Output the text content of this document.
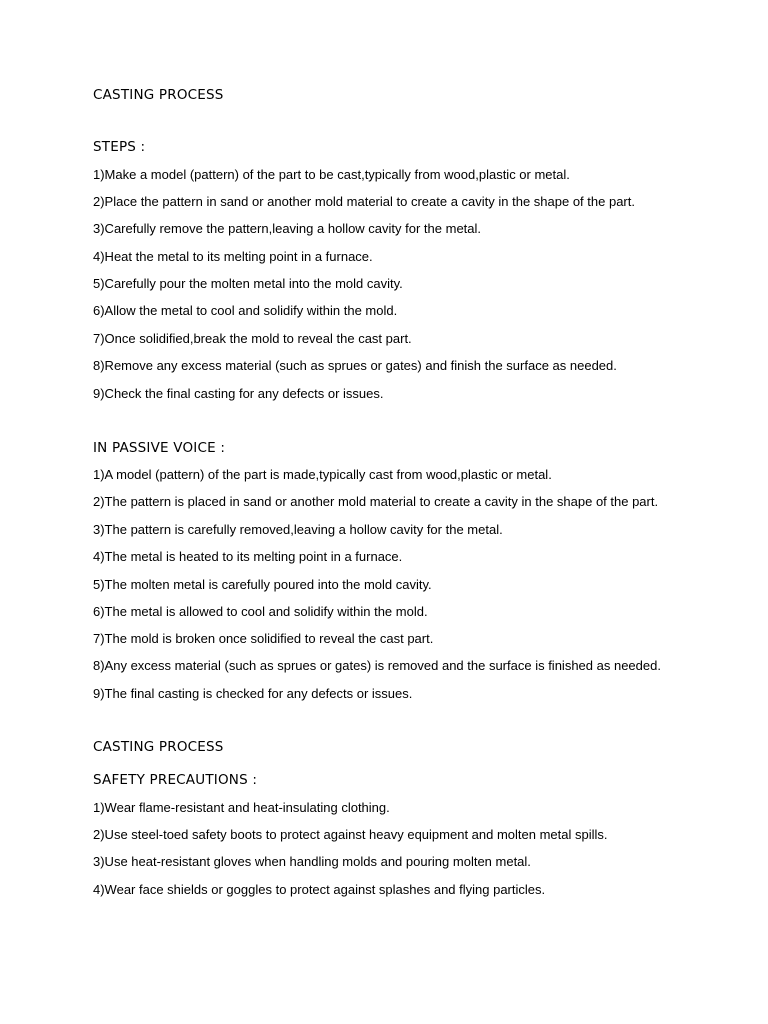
CASTING PROCESS
STEPS :
1)Make a model (pattern) of the part to be cast,typically from wood,plastic or metal.
2)Place the pattern in sand or another mold material to create a cavity in the shape of the part.
3)Carefully remove the pattern,leaving a hollow cavity for the metal.
4)Heat the metal to its melting point in a furnace.
5)Carefully pour the molten metal into the mold cavity.
6)Allow the metal to cool and solidify within the mold.
7)Once solidified,break the mold to reveal the cast part.
8)Remove any excess material (such as sprues or gates) and finish the surface as needed.
9)Check the final casting for any defects or issues.
IN PASSIVE VOICE :
1)A model (pattern) of the part is made,typically cast from wood,plastic or metal.
2)The pattern is placed in sand or another mold material to create a cavity in the shape of the part.
3)The pattern is carefully removed,leaving a hollow cavity for the metal.
4)The metal is heated to its melting point in a furnace.
5)The molten metal is carefully poured into the mold cavity.
6)The metal is allowed to cool and solidify within the mold.
7)The mold is broken once solidified to reveal the cast part.
8)Any excess material (such as sprues or gates) is removed and the surface is finished as needed.
9)The final casting is checked for any defects or issues.
CASTING PROCESS
SAFETY PRECAUTIONS :
1)Wear flame-resistant and heat-insulating clothing.
2)Use steel-toed safety boots to protect against heavy equipment and molten metal spills.
3)Use heat-resistant gloves when handling molds and pouring molten metal.
4)Wear face shields or goggles to protect against splashes and flying particles.
